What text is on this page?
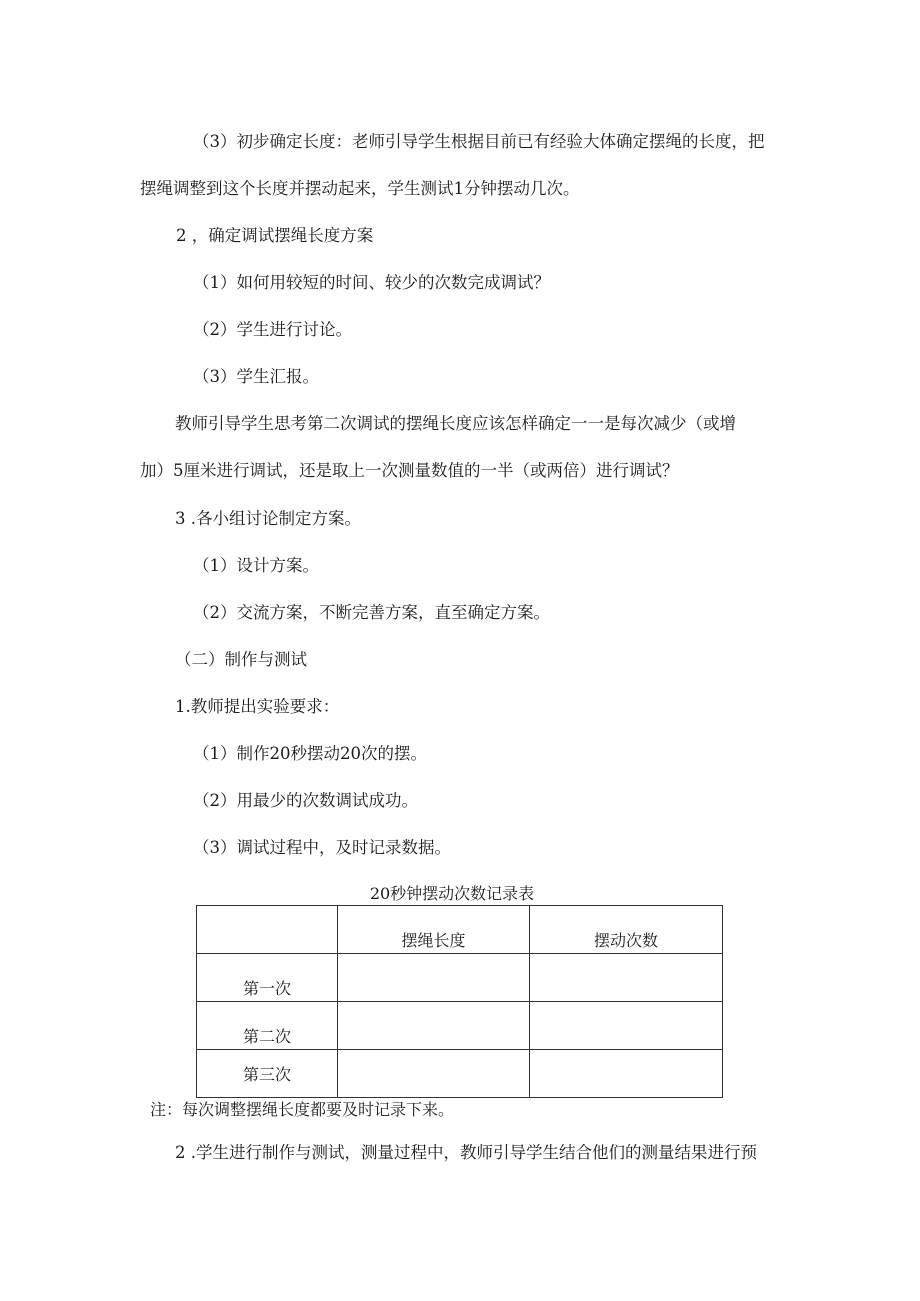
（3）初步确定长度：老师引导学生根据目前已有经验大体确定摆绳的长度，把
摆绳调整到这个长度并摆动起来，学生测试1分钟摆动几次。
2 ，确定调试摆绳长度方案
（1）如何用较短的时间、较少的次数完成调试？
（2）学生进行讨论。
（3）学生汇报。
教师引导学生思考第二次调试的摆绳长度应该怎样确定一一是每次减少（或增
加）5厘米进行调试，还是取上一次测量数值的一半（或两倍）进行调试？
3 .各小组讨论制定方案。
（1）设计方案。
（2）交流方案，不断完善方案，直至确定方案。
（二）制作与测试
1.教师提出实验要求：
（1）制作20秒摆动20次的摆。
（2）用最少的次数调试成功。
（3）调试过程中，及时记录数据。
20秒钟摆动次数记录表
	摆绳长度	摆动次数
第一次		
第二次		
第三次		
注：每次调整摆绳长度都要及时记录下来。
2 .学生进行制作与测试，测量过程中，教师引导学生结合他们的测量结果进行预
